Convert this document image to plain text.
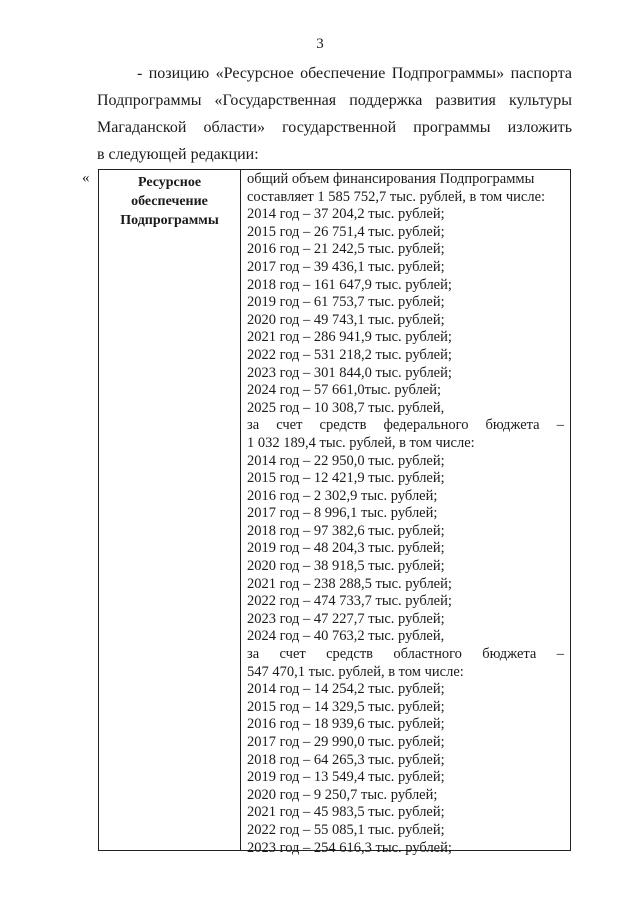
3
- позицию «Ресурсное обеспечение Подпрограммы» паспорта
Подпрограммы «Государственная поддержка развития культуры
Магаданской области» государственной программы изложить
в следующей редакции:
«	Ресурсное
обеспечение
Подпрограммы
общий объем финансирования Подпрограммы
составляет 1 585 752,7 тыс. рублей, в том числе:
2014 год – 37 204,2 тыс. рублей;
2015 год – 26 751,4 тыс. рублей;
2016 год – 21 242,5 тыс. рублей;
2017 год – 39 436,1 тыс. рублей;
2018 год – 161 647,9 тыс. рублей;
2019 год – 61 753,7 тыс. рублей;
2020 год – 49 743,1 тыс. рублей;
2021 год – 286 941,9 тыс. рублей;
2022 год – 531 218,2 тыс. рублей;
2023 год – 301 844,0 тыс. рублей;
2024 год – 57 661,0тыс. рублей;
2025 год – 10 308,7 тыс. рублей,
за счет средств федерального бюджета –
1 032 189,4 тыс. рублей, в том числе:
2014 год – 22 950,0 тыс. рублей;
2015 год – 12 421,9 тыс. рублей;
2016 год – 2 302,9 тыс. рублей;
2017 год – 8 996,1 тыс. рублей;
2018 год – 97 382,6 тыс. рублей;
2019 год – 48 204,3 тыс. рублей;
2020 год – 38 918,5 тыс. рублей;
2021 год – 238 288,5 тыс. рублей;
2022 год – 474 733,7 тыс. рублей;
2023 год – 47 227,7 тыс. рублей;
2024 год – 40 763,2 тыс. рублей,
за счет средств областного бюджета –
547 470,1 тыс. рублей, в том числе:
2014 год – 14 254,2 тыс. рублей;
2015 год – 14 329,5 тыс. рублей;
2016 год – 18 939,6 тыс. рублей;
2017 год – 29 990,0 тыс. рублей;
2018 год – 64 265,3 тыс. рублей;
2019 год – 13 549,4 тыс. рублей;
2020 год – 9 250,7 тыс. рублей;
2021 год – 45 983,5 тыс. рублей;
2022 год – 55 085,1 тыс. рублей;
2023 год – 254 616,3 тыс. рублей;
